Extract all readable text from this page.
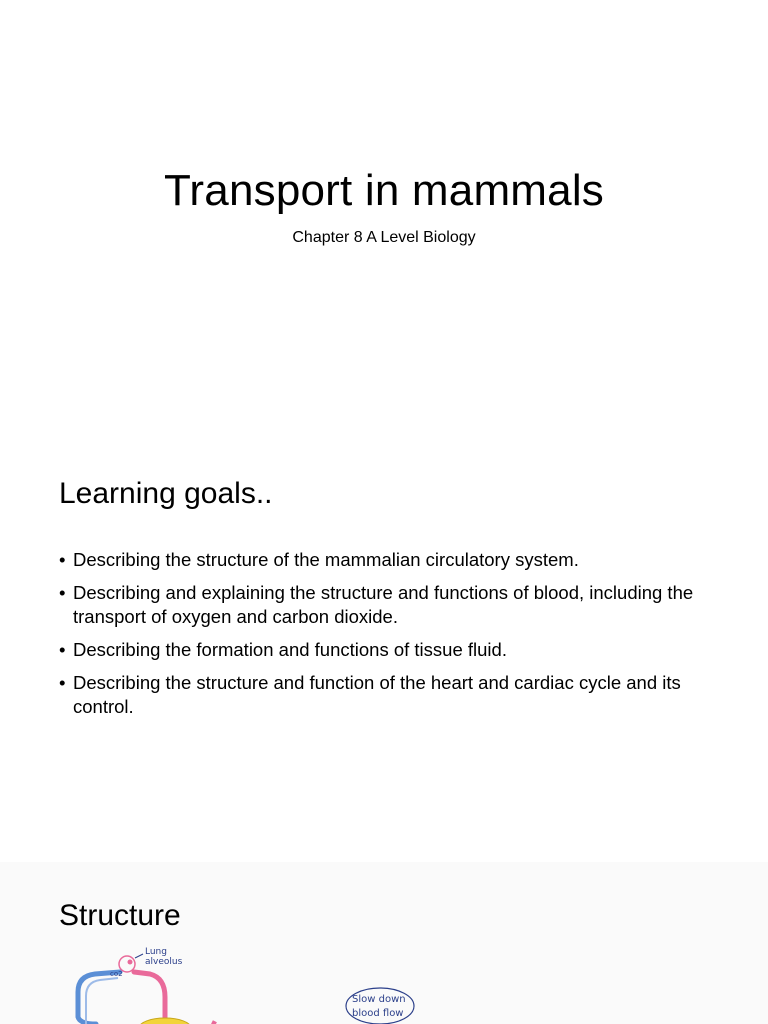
Transport in mammals

Chapter 8 A Level Biology

Learning goals..
• Describing the structure of the mammalian circulatory system.
• Describing and explaining the structure and functions of blood, including the transport of oxygen and carbon dioxide.
• Describing the formation and functions of tissue fluid.
• Describing the structure and function of the heart and cardiac cycle and its control.
Structure
Lung
alveolus
co2
Slow down
blood flow
